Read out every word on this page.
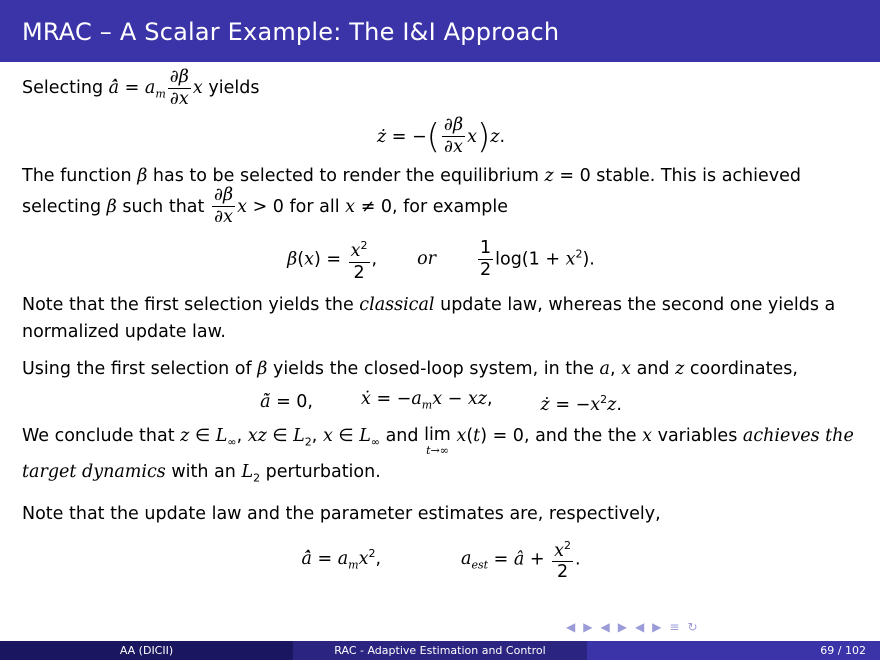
MRAC – A Scalar Example: The I&I Approach

Selecting â̇ = $a_m \frac{\partial\beta}{\partial x}$ x yields

ż = −( $\frac{\partial\beta}{\partial x} x)z$.

The function β has to be selected to render the equilibrium z = 0 stable. This is achieved

selecting β such that $\frac{\partial\beta}{\partial x}$ x > 0 for all x ≠ 0, for example

$\beta(x) = \frac{x^2}{2}$ , or $\frac{1}{2} \log(1 + x^2)$.

Note that the first selection yields the classical update law, whereas the second one yields a normalized update law.

Using the first selection of β yields the closed-loop system, in the a, x and z coordinates,

ã̇ = 0,	ẋ = $-a_mx$ − xz,	ż = $-x^2z$.

We conclude that z ∈ $L_\infty$, xz ∈ $L_2$, x ∈ $L_\infty$ and lim
t→∞
x(t) = 0, and the the x variables achieves the target dynamics with an $L_2$ perturbation.

Note that the update law and the parameter estimates are, respectively,

â̇ = $a_mx^2$,	$a_{est}$ = â + $\frac{x^2}{2}$ .
◀ ▶ ◀ ▶ ◀ ▶ ≡ ↻
AA (DICII)	RAC - Adaptive Estimation and Control	69 / 102
